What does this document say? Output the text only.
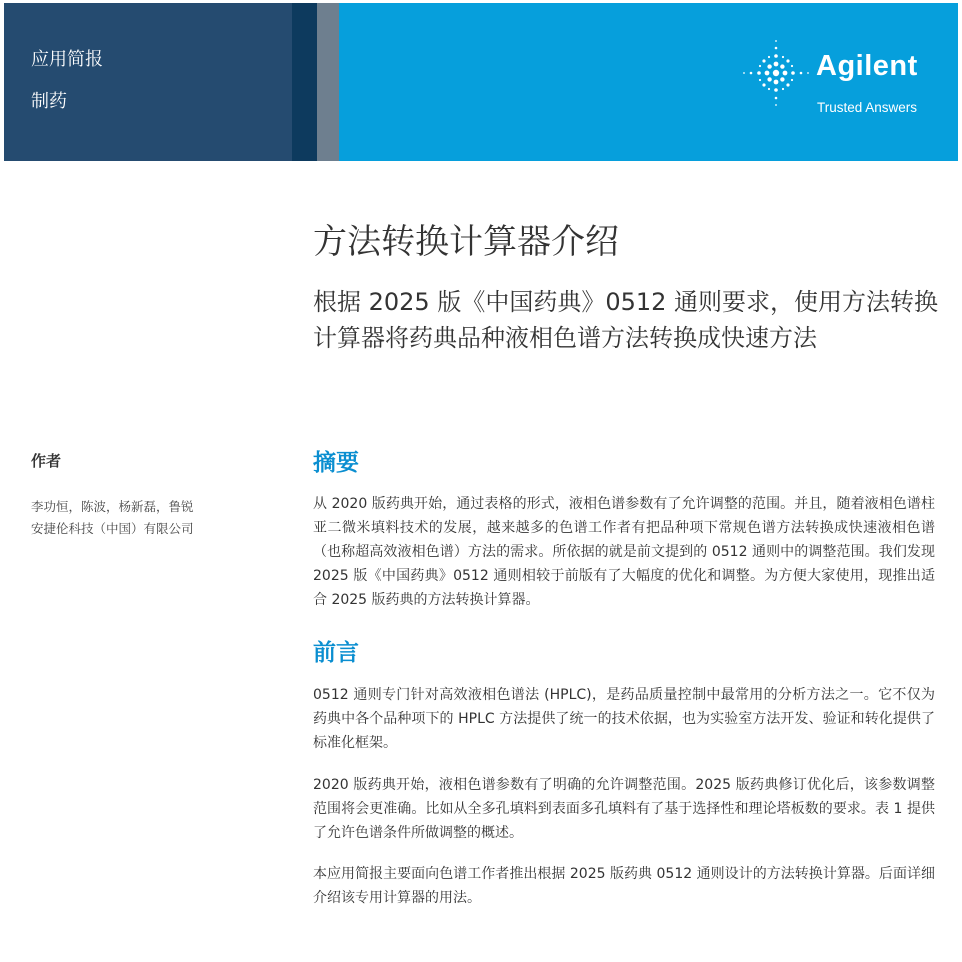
应用简报
制药
Agilent
Trusted Answers
方法转换计算器介绍
根据 2025 版《中国药典》0512 通则要求，使用方法转换计算器将药典品种液相色谱方法转换成快速方法
作者
李功恒，陈波，杨新磊，鲁锐
安捷伦科技（中国）有限公司
摘要
从 2020 版药典开始，通过表格的形式，液相色谱参数有了允许调整的范围。并且，随着液相色谱柱亚二微米填料技术的发展，越来越多的色谱工作者有把品种项下常规色谱方法转换成快速液相色谱（也称超高效液相色谱）方法的需求。所依据的就是前文提到的 0512 通则中的调整范围。我们发现 2025 版《中国药典》0512 通则相较于前版有了大幅度的优化和调整。为方便大家使用，现推出适合 2025 版药典的方法转换计算器。
前言
0512 通则专门针对高效液相色谱法 (HPLC)，是药品质量控制中最常用的分析方法之一。它不仅为药典中各个品种项下的 HPLC 方法提供了统一的技术依据，也为实验室方法开发、验证和转化提供了标准化框架。
2020 版药典开始，液相色谱参数有了明确的允许调整范围。2025 版药典修订优化后，该参数调整范围将会更准确。比如从全多孔填料到表面多孔填料有了基于选择性和理论塔板数的要求。表 1 提供了允许色谱条件所做调整的概述。
本应用简报主要面向色谱工作者推出根据 2025 版药典 0512 通则设计的方法转换计算器。后面详细介绍该专用计算器的用法。
